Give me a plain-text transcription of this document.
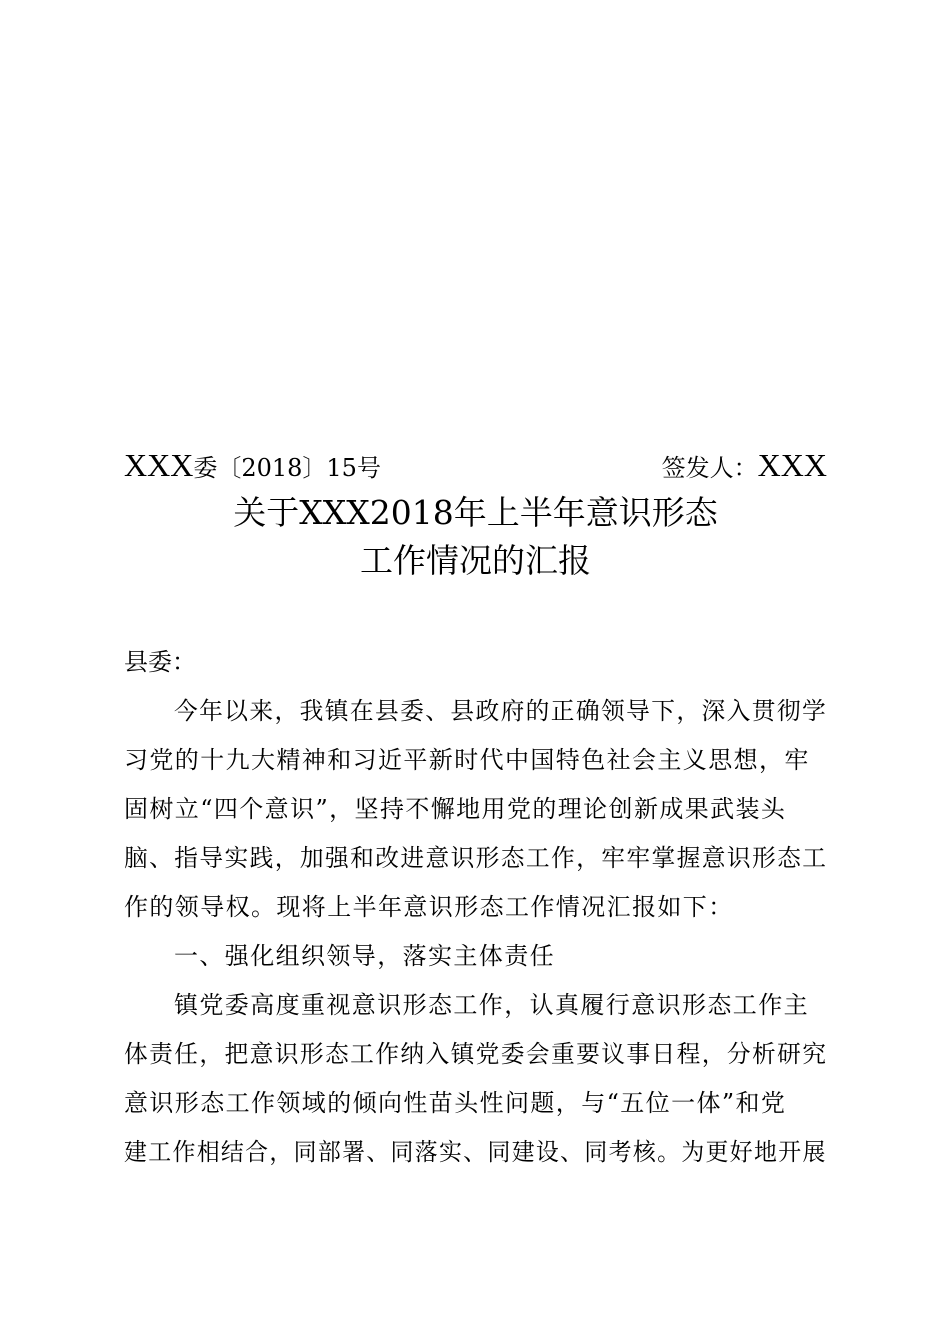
XXX委〔2018〕15号	签发人：XXX
关于XXX2018年上半年意识形态
工作情况的汇报
县委：
今年以来，我镇在县委、县政府的正确领导下，深入贯彻学
习党的十九大精神和习近平新时代中国特色社会主义思想，牢
固树立“四个意识”，坚持不懈地用党的理论创新成果武装头
脑、指导实践，加强和改进意识形态工作，牢牢掌握意识形态工
作的领导权。现将上半年意识形态工作情况汇报如下：
一、强化组织领导，落实主体责任
镇党委高度重视意识形态工作，认真履行意识形态工作主
体责任，把意识形态工作纳入镇党委会重要议事日程，分析研究
意识形态工作领域的倾向性苗头性问题，与“五位一体”和党
建工作相结合，同部署、同落实、同建设、同考核。为更好地开展
